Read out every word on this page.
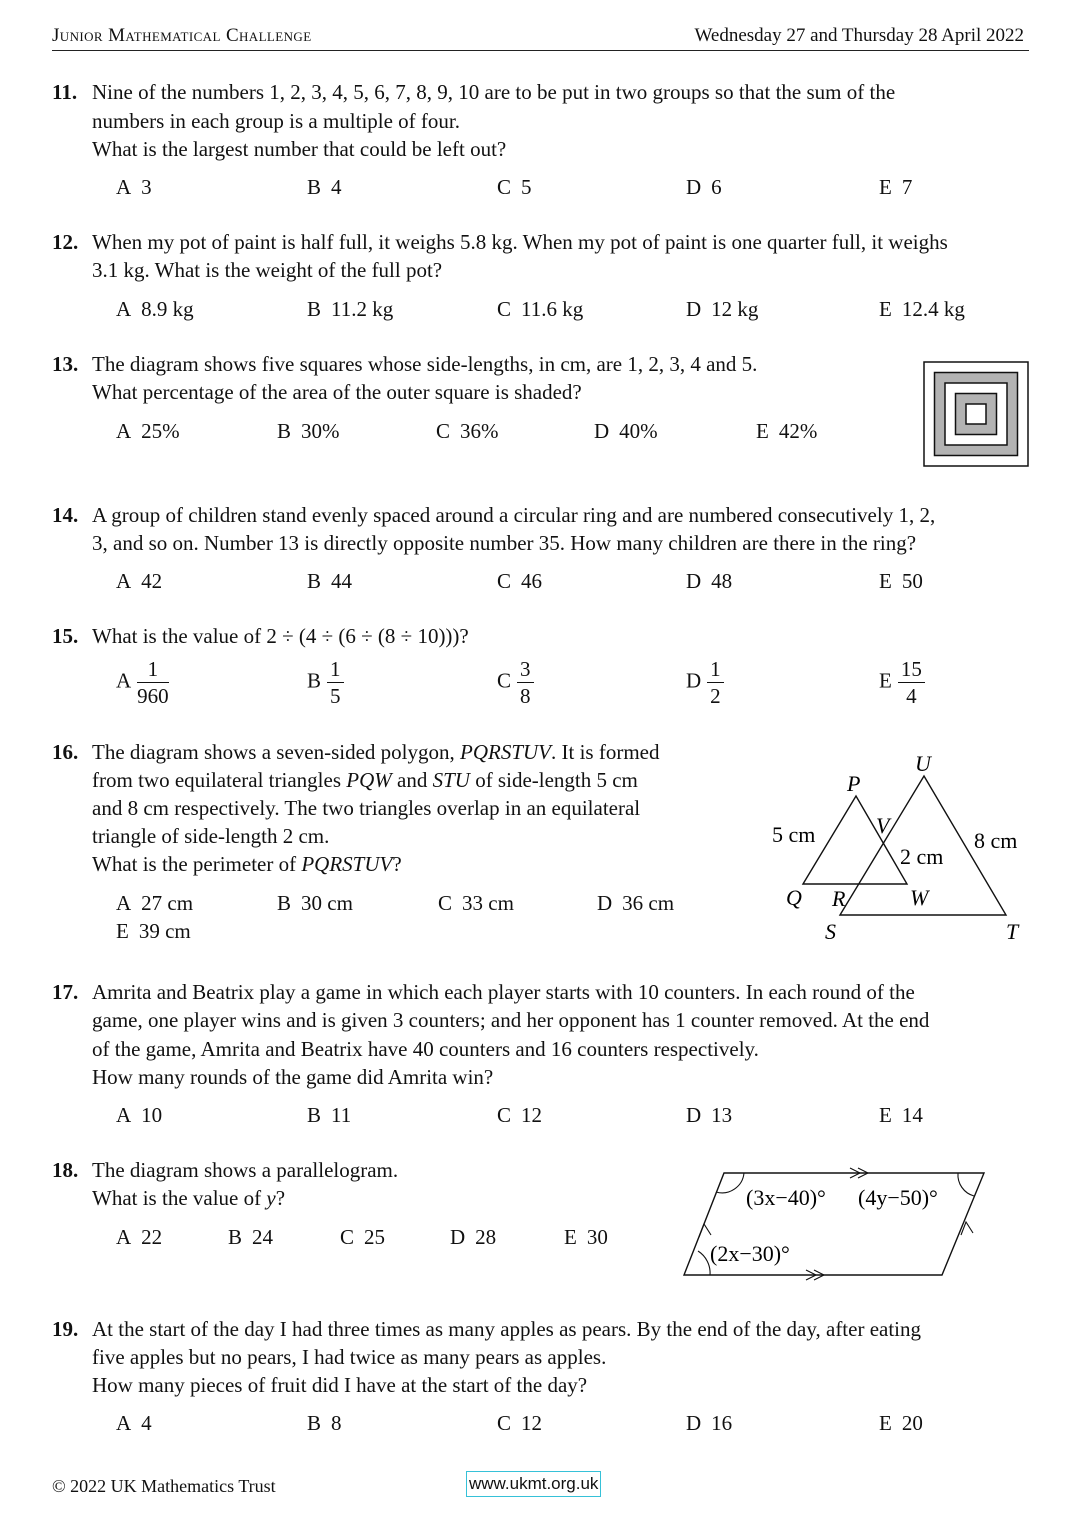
Junior Mathematical Challenge	Wednesday 27 and Thursday 28 April 2022
11. Nine of the numbers 1, 2, 3, 4, 5, 6, 7, 8, 9, 10 are to be put in two groups so that the sum of the
numbers in each group is a multiple of four.
What is the largest number that could be left out?
A 3	B 4	C 5	D 6	E 7
12. When my pot of paint is half full, it weighs 5.8 kg. When my pot of paint is one quarter full, it weighs
3.1 kg. What is the weight of the full pot?
A 8.9 kg	B 11.2 kg	C 11.6 kg	D 12 kg	E 12.4 kg
13. The diagram shows five squares whose side-lengths, in cm, are 1, 2, 3, 4 and 5.
What percentage of the area of the outer square is shaded?
A 25%	B 30%	C 36%	D 40%	E 42%
14. A group of children stand evenly spaced around a circular ring and are numbered consecutively 1, 2,
3, and so on. Number 13 is directly opposite number 35. How many children are there in the ring?
A 42	B 44	C 46	D 48	E 50
15. What is the value of 2 ÷ (4 ÷ (6 ÷ (8 ÷ 10)))?
A $\frac{1}{960}$	B $\frac{1}{5}$	C $\frac{3}{8}$	D $\frac{1}{2}$	E $\frac{15}{4}$
16. The diagram shows a seven-sided polygon, PQRSTUV. It is formed
from two equilateral triangles PQW and STU of side-length 5 cm
and 8 cm respectively. The two triangles overlap in an equilateral
triangle of side-length 2 cm.
What is the perimeter of PQRSTUV?
A 27 cm	B 30 cm	C 33 cm	D 36 cm
E 39 cm
P
U
V
Q R	W
S	T
5 cm	8 cm
2 cm
17. Amrita and Beatrix play a game in which each player starts with 10 counters. In each round of the
game, one player wins and is given 3 counters; and her opponent has 1 counter removed. At the end
of the game, Amrita and Beatrix have 40 counters and 16 counters respectively.
How many rounds of the game did Amrita win?
A 10	B 11	C 12	D 13	E 14
18. The diagram shows a parallelogram.
What is the value of y?
A 22	B 24	C 25	D 28	E 30
(3x−40)° (4y−50)°
(2x−30)°
19. At the start of the day I had three times as many apples as pears. By the end of the day, after eating
five apples but no pears, I had twice as many pears as apples.
How many pieces of fruit did I have at the start of the day?
A 4	B 8	C 12	D 16	E 20
© 2022 UK Mathematics Trust	www.ukmt.org.uk
